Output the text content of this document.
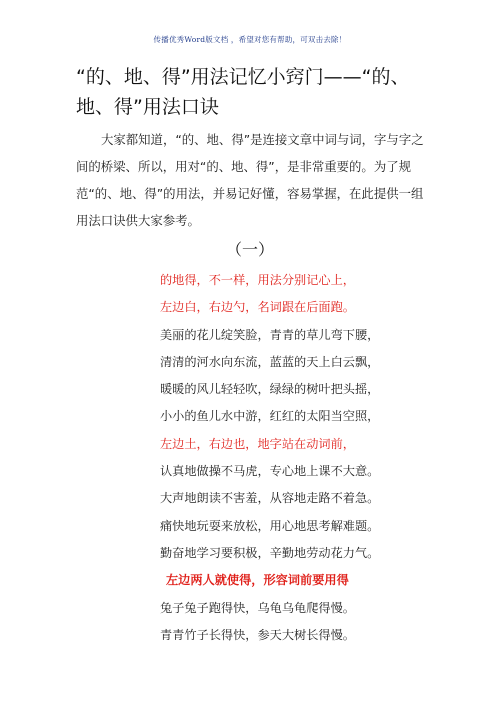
传播优秀Word版文档 ，希望对您有帮助，可双击去除！
“的、地、得”用法记忆小窍门——“的、地、得”用法口诀

大家都知道，“的、地、得”是连接文章中词与词，字与字之间的桥梁、所以，用对“的、地、得”，是非常重要的。为了规范“的、地、得”的用法，并易记好懂，容易掌握，在此提供一组用法口诀供大家参考。

（一）
的地得，不一样，用法分别记心上，
左边白，右边勺，名词跟在后面跑。
美丽的花儿绽笑脸，青青的草儿弯下腰，
清清的河水向东流，蓝蓝的天上白云飘，
暖暖的风儿轻轻吹，绿绿的树叶把头摇，
小小的鱼儿水中游，红红的太阳当空照，
左边土，右边也，地字站在动词前，
认真地做操不马虎，专心地上课不大意。
大声地朗读不害羞，从容地走路不着急。
痛快地玩耍来放松，用心地思考解难题。
勤奋地学习要积极，辛勤地劳动花力气。
左边两人就使得，形容词前要用得
兔子兔子跑得快，乌龟乌龟爬得慢。
青青竹子长得快，参天大树长得慢。
